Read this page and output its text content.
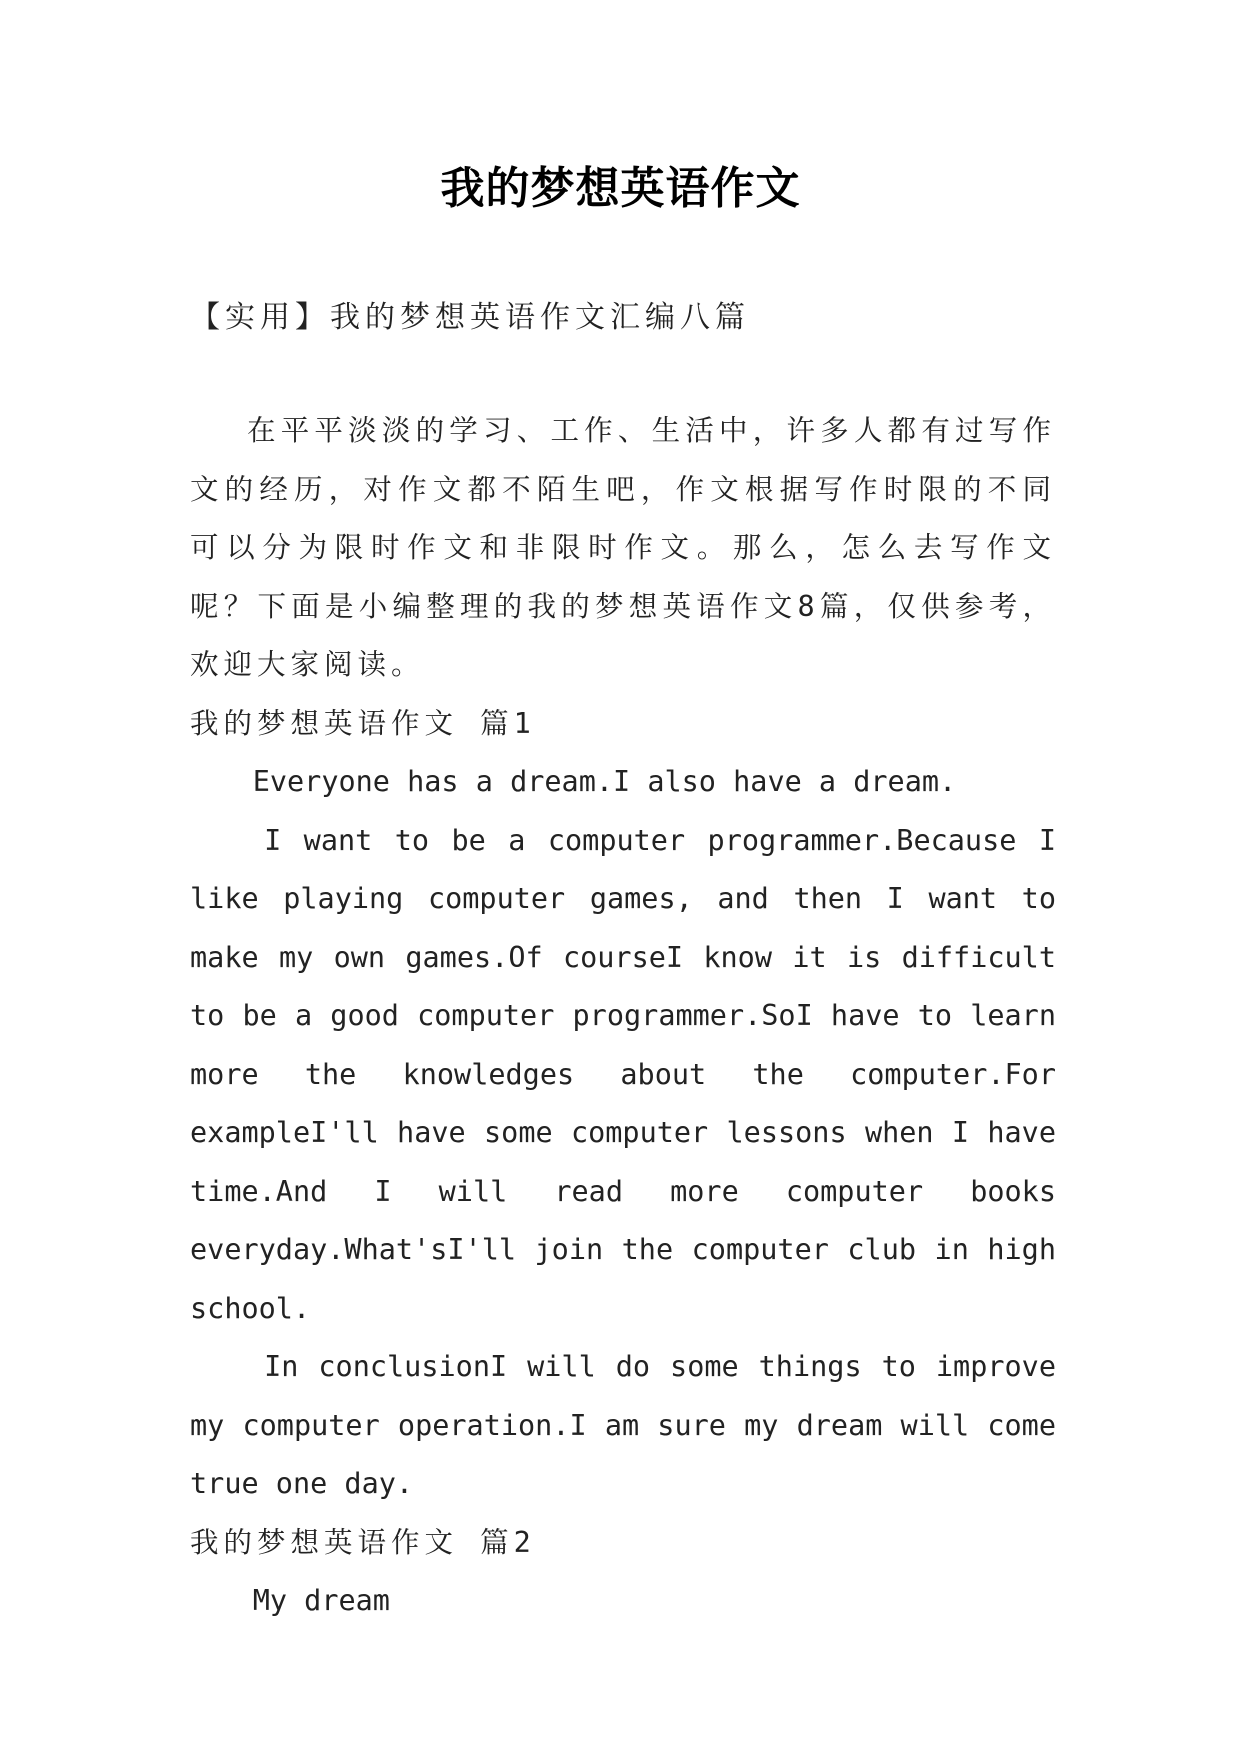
我的梦想英语作文
【实用】我的梦想英语作文汇编八篇

在平平淡淡的学习、工作、生活中，许多人都有过写作文的经历，对作文都不陌生吧，作文根据写作时限的不同可以分为限时作文和非限时作文。那么，怎么去写作文呢？下面是小编整理的我的梦想英语作文8篇，仅供参考，欢迎大家阅读。

我的梦想英语作文 篇1

Everyone has a dream.I also have a dream.

I want to be a computer programmer.Because I like playing computer games, and then I want to make my own games.Of courseI know it is difficult to be a good computer programmer.SoI have to learn more the knowledges about the computer.For exampleI'll have some computer lessons when I have time.And I will read more computer books everyday.What'sI'll join the computer club in high school.

In conclusionI will do some things to improve my computer operation.I am sure my dream will come true one day.

我的梦想英语作文 篇2

My dream
